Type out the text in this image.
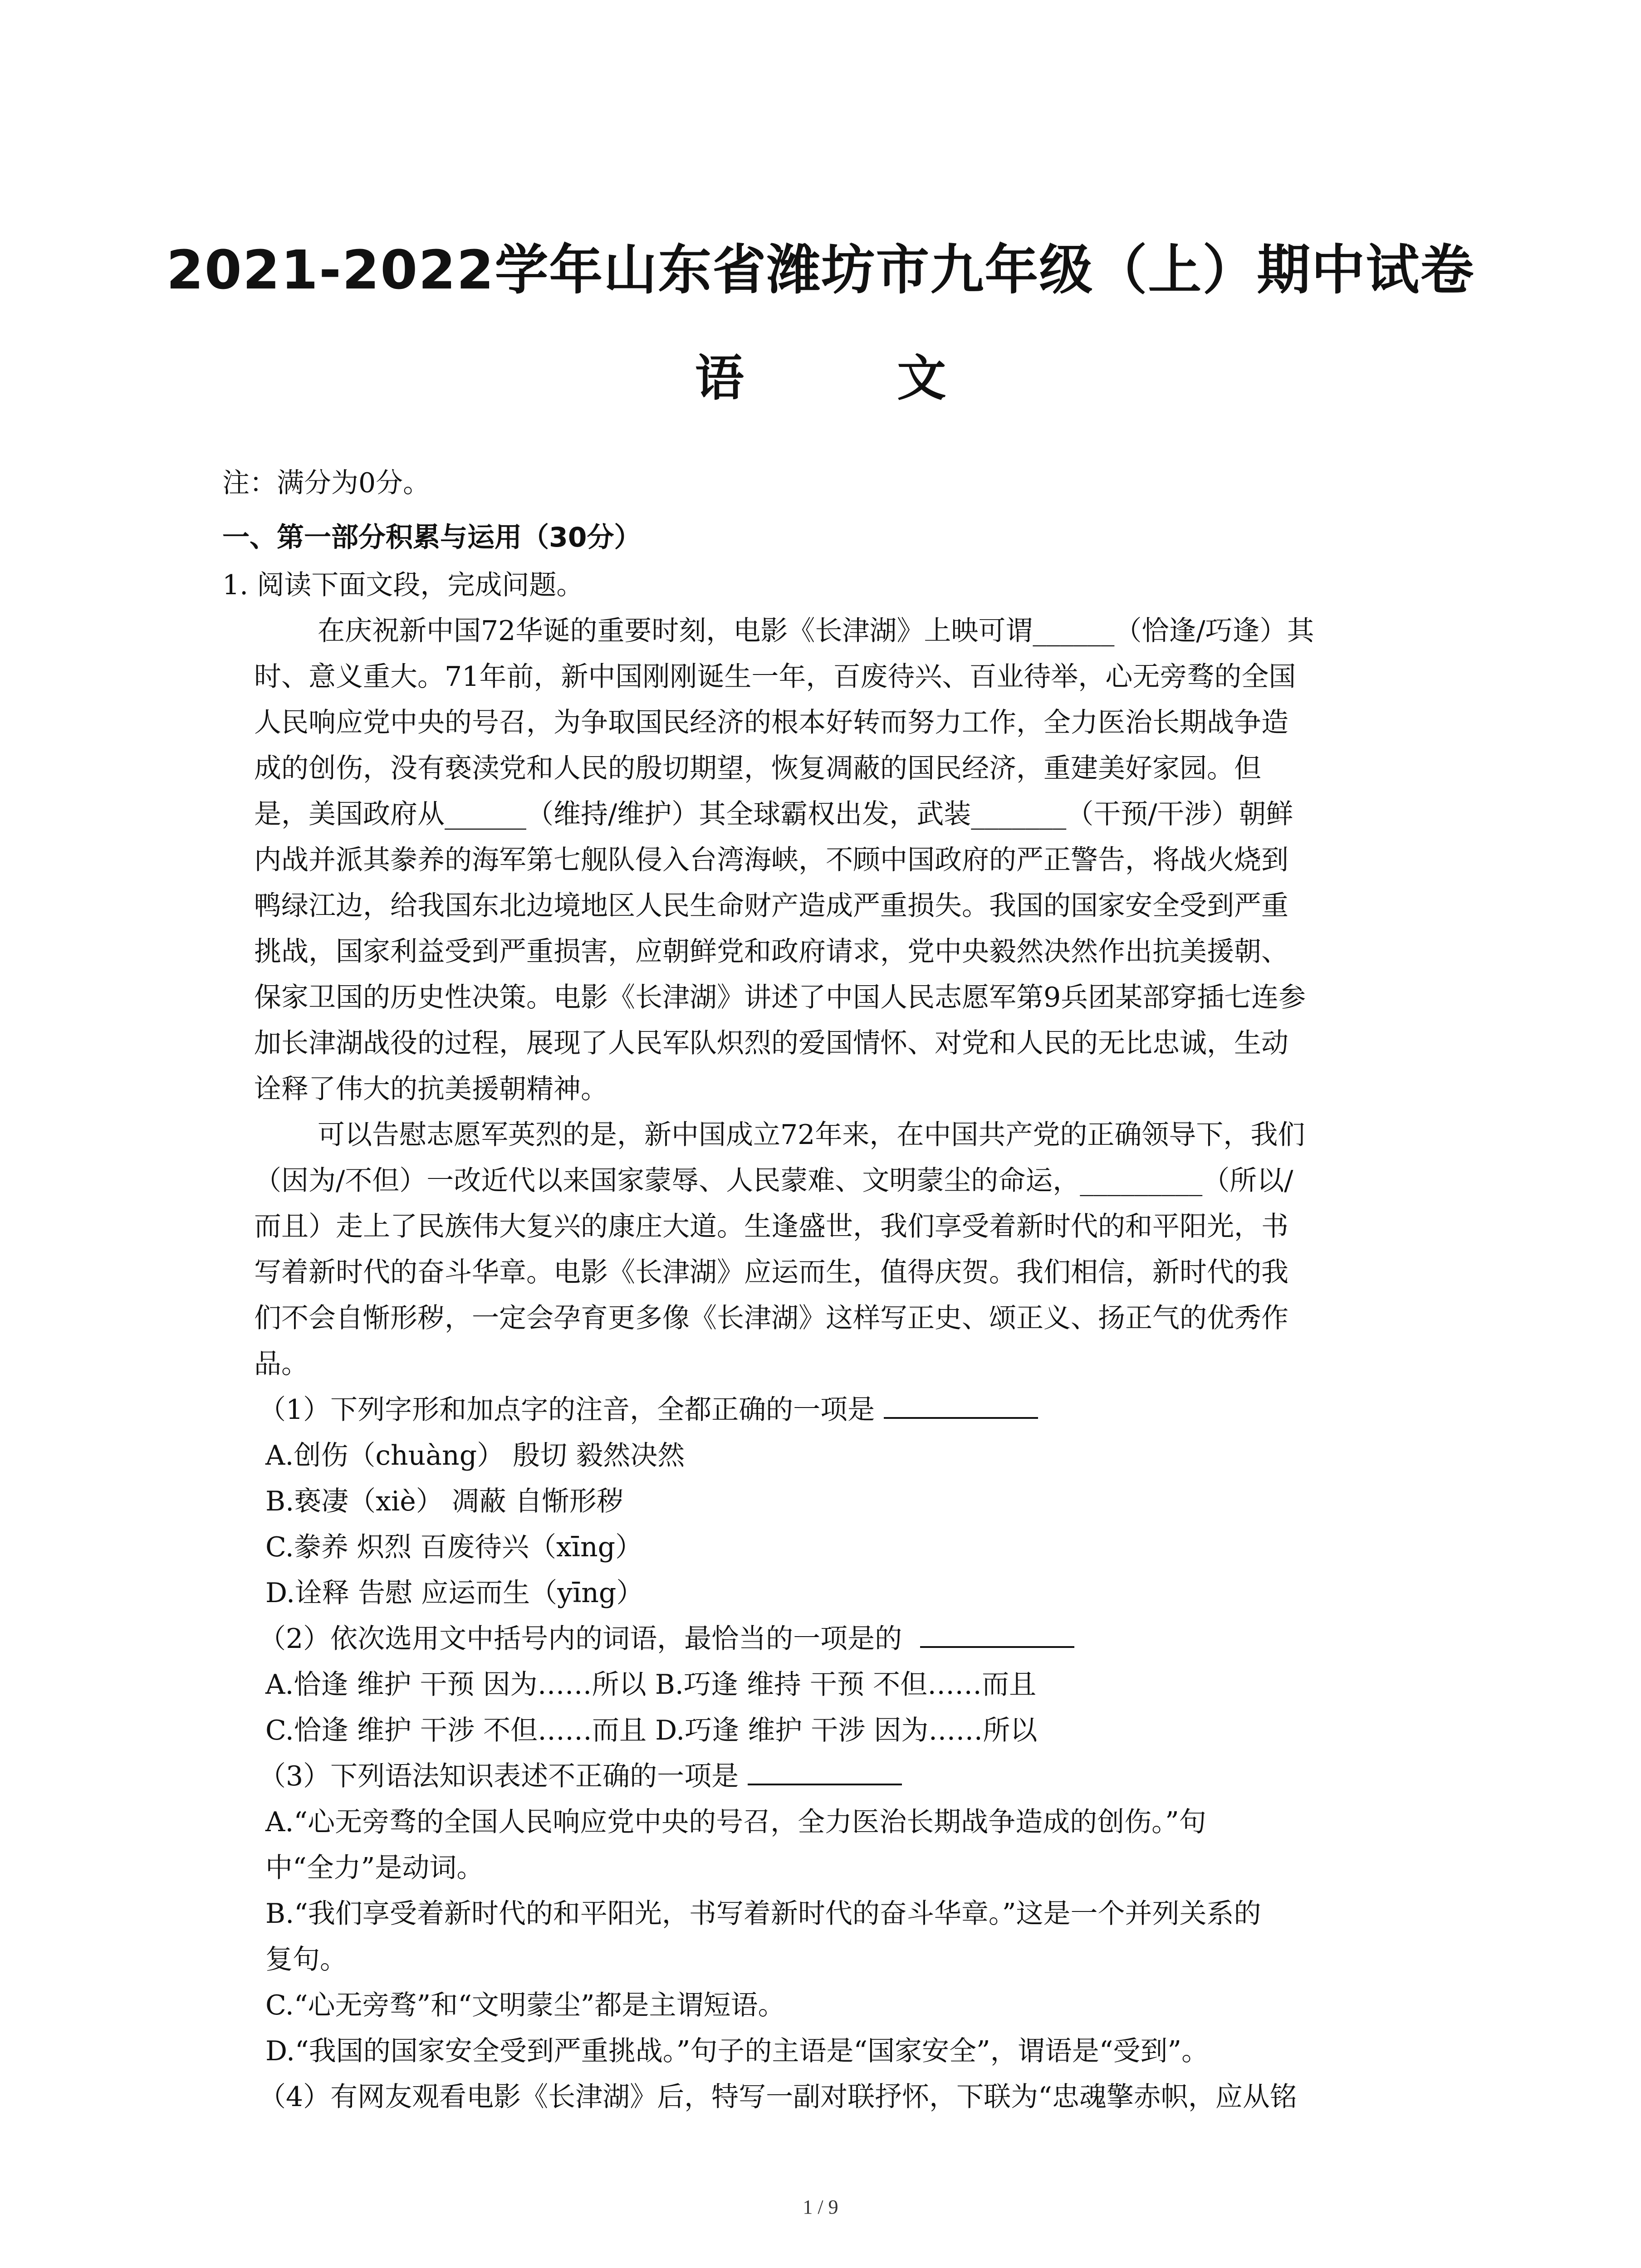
2021-2022学年山东省潍坊市九年级（上）期中试卷
语 文
注：满分为0分。
一、第一部分积累与运用（30分）
1. 阅读下面文段，完成问题。
在庆祝新中国72华诞的重要时刻，电影《长津湖》上映可谓______（恰逢/巧逢）其
时、意义重大。71年前，新中国刚刚诞生一年，百废待兴、百业待举，心无旁骛的全国
人民响应党中央的号召，为争取国民经济的根本好转而努力工作，全力医治长期战争造
成的创伤，没有亵渎党和人民的殷切期望，恢复凋蔽的国民经济，重建美好家园。但
是，美国政府从______（维持/维护）其全球霸权出发，武装_______（干预/干涉）朝鲜
内战并派其豢养的海军第七舰队侵入台湾海峡，不顾中国政府的严正警告，将战火烧到
鸭绿江边，给我国东北边境地区人民生命财产造成严重损失。我国的国家安全受到严重
挑战，国家利益受到严重损害，应朝鲜党和政府请求，党中央毅然决然作出抗美援朝、
保家卫国的历史性决策。电影《长津湖》讲述了中国人民志愿军第9兵团某部穿插七连参
加长津湖战役的过程，展现了人民军队炽烈的爱国情怀、对党和人民的无比忠诚，生动
诠释了伟大的抗美援朝精神。
可以告慰志愿军英烈的是，新中国成立72年来，在中国共产党的正确领导下，我们
（因为/不但）一改近代以来国家蒙辱、人民蒙难、文明蒙尘的命运，_________（所以/
而且）走上了民族伟大复兴的康庄大道。生逢盛世，我们享受着新时代的和平阳光，书
写着新时代的奋斗华章。电影《长津湖》应运而生，值得庆贺。我们相信，新时代的我
们不会自惭形秽，一定会孕育更多像《长津湖》这样写正史、颂正义、扬正气的优秀作
品。
（1）下列字形和加点字的注音，全都正确的一项是
A.创伤（chuàng） 殷切 毅然决然
B.亵凄（xiè） 凋蔽 自惭形秽
C.豢养 炽烈 百废待兴（xīng）
D.诠释 告慰 应运而生（yīng）
（2）依次选用文中括号内的词语，最恰当的一项是的
A.恰逢 维护 干预 因为……所以 B.巧逢 维持 干预 不但……而且
C.恰逢 维护 干涉 不但……而且 D.巧逢 维护 干涉 因为……所以
（3）下列语法知识表述不正确的一项是
A.“心无旁骛的全国人民响应党中央的号召，全力医治长期战争造成的创伤。”句
中“全力”是动词。
B.“我们享受着新时代的和平阳光，书写着新时代的奋斗华章。”这是一个并列关系的
复句。
C.“心无旁骛”和“文明蒙尘”都是主谓短语。
D.“我国的国家安全受到严重挑战。”句子的主语是“国家安全”，谓语是“受到”。
（4）有网友观看电影《长津湖》后，特写一副对联抒怀，下联为“忠魂擎赤帜，应从铭
1 / 9
